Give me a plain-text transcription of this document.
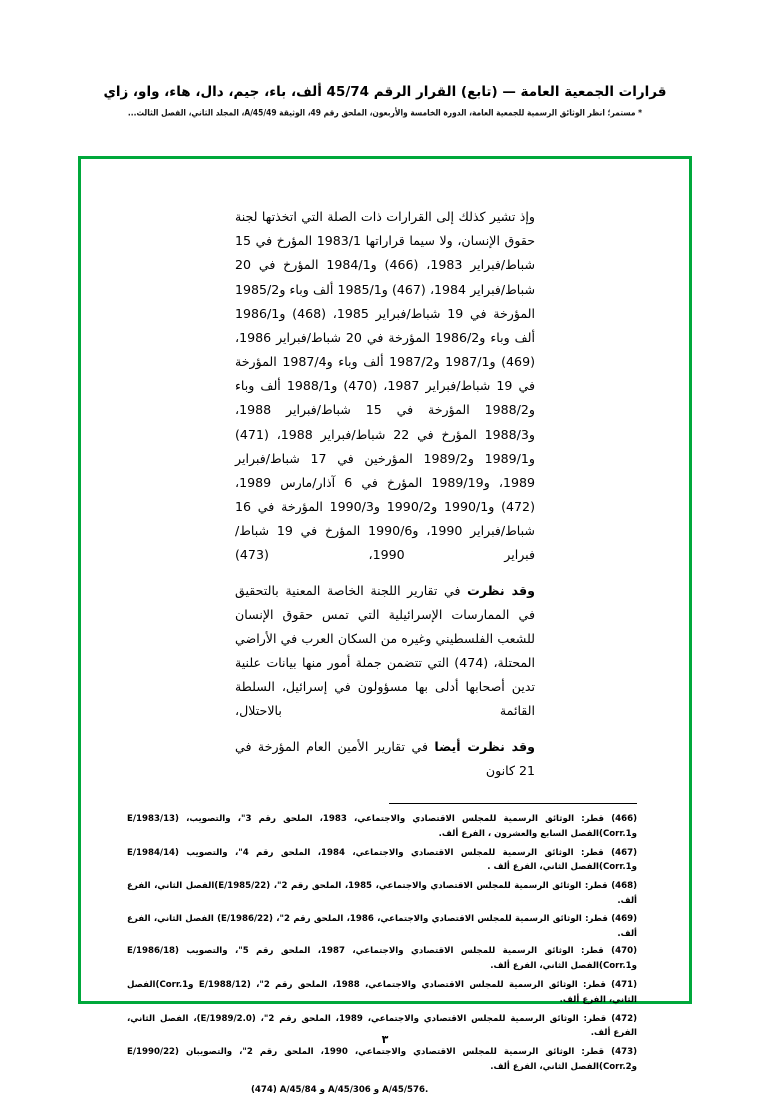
قرارات الجمعية العامة — (تابع) القرار الرقم 45/74 ألف، باء، جيم، دال، هاء، واو، زاي
* مستمر؛ انظر الوثائق الرسمية للجمعية العامة، الدورة الخامسة والأربعون، الملحق رقم 49، الوثيقة A/45/49، المجلد الثاني، الفصل الثالث...

وإذ تشير كذلك إلى القرارات ذات الصلة التي اتخذتها لجنة حقوق الإنسان، ولا سيما قراراتها 1983/1 المؤرخ في 15 شباط/فبراير 1983، (466) و1984/1 المؤرخ في 20 شباط/فبراير 1984، (467) و1985/1 ألف وباء و1985/2 المؤرخة في 19 شباط/فبراير 1985، (468) و1986/1 ألف وباء و1986/2 المؤرخة في 20 شباط/فبراير 1986، (469) و1987/1 و1987/2 ألف وباء و1987/4 المؤرخة في 19 شباط/فبراير 1987، (470) و1988/1 ألف وباء و1988/2 المؤرخة في 15 شباط/فبراير 1988، و1988/3 المؤرخ في 22 شباط/فبراير 1988، (471) و1989/1 و1989/2 المؤرخين في 17 شباط/فبراير 1989، و1989/19 المؤرخ في 6 آذار/مارس 1989، (472) و1990/1 و1990/2 و1990/3 المؤرخة في 16 شباط/فبراير 1990، و1990/6 المؤرخ في 19 شباط/فبراير 1990، (473)

وقد نظرت في تقارير اللجنة الخاصة المعنية بالتحقيق في الممارسات الإسرائيلية التي تمس حقوق الإنسان للشعب الفلسطيني وغيره من السكان العرب في الأراضي المحتلة، (474) التي تتضمن جملة أمور منها بيانات علنية تدين أصحابها أدلى بها مسؤولون في إسرائيل، السلطة القائمة بالاحتلال،

وقد نظرت أيضا في تقارير الأمين العام المؤرخة في 21 كانون

(466) قطر: الوثائق الرسمية للمجلس الاقتصادي والاجتماعي، 1983، الملحق رقم 3"، والتصويب، (E/1983/13 وCorr.1)الفصل السابع والعشرون ، الفرع ألف.
(467) قطر: الوثائق الرسمية للمجلس الاقتصادي والاجتماعي، 1984، الملحق رقم 4"، والتصويب (E/1984/14 وCorr.1)الفصل الثاني، الفرع ألف .
(468) قطر: الوثائق الرسمية للمجلس الاقتصادي والاجتماعي، 1985، الملحق رقم 2"، (E/1985/22)الفصل الثاني، الفرع ألف.
(469) قطر: الوثائق الرسمية للمجلس الاقتصادي والاجتماعي، 1986، الملحق رقم 2"، (E/1986/22) الفصل الثاني، الفرع ألف.
(470) قطر: الوثائق الرسمية للمجلس الاقتصادي والاجتماعي، 1987، الملحق رقم 5"، والتصويب (E/1986/18 وCorr.1)الفصل الثاني، الفرع ألف.
(471) قطر: الوثائق الرسمية للمجلس الاقتصادي والاجتماعي، 1988، الملحق رقم 2"، (E/1988/12 وCorr.1)الفصل الثاني، الفرع ألف.
(472) قطر: الوثائق الرسمية للمجلس الاقتصادي والاجتماعي، 1989، الملحق رقم 2"، (E/1989/2.0)، الفصل الثاني، الفرع ألف.
(473) قطر: الوثائق الرسمية للمجلس الاقتصادي والاجتماعي، 1990، الملحق رقم 2"، والتصويبان (E/1990/22 وCorr.2)الفصل الثاني، الفرع ألف.
(474) A/45/84 و A/45/306 و A/45/576.
٣
